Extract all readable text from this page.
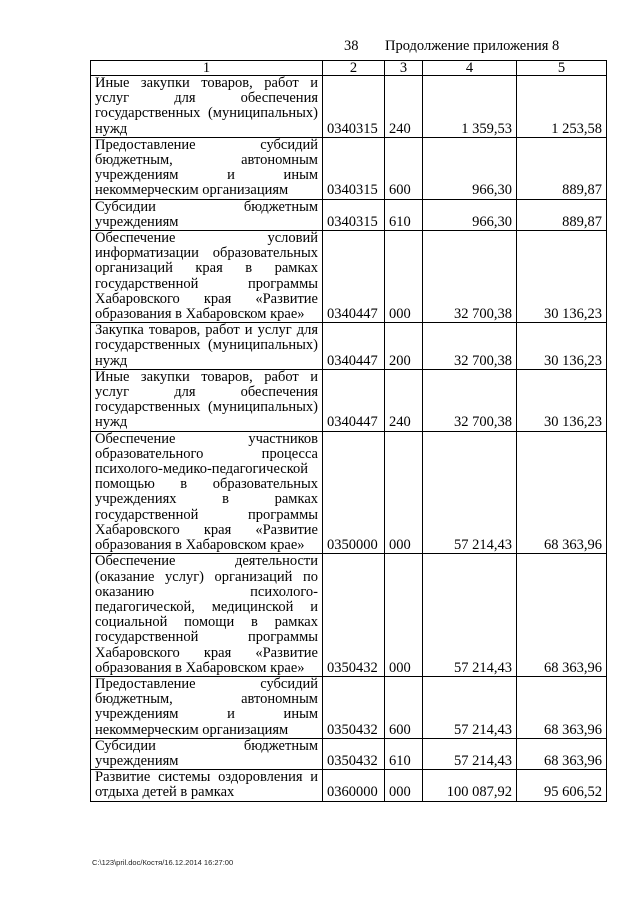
38 Продолжение приложения 8
1	2	3	4	5
Иные закупки товаров, работ и услуг для обеспечения государственных (муниципальных) нужд	0340315	240	1 359,53	1 253,58
Предоставление субсидий бюджетным, автономным учреждениям и иным некоммерческим организациям	0340315	600	966,30	889,87
Субсидии бюджетным учреждениям	0340315	610	966,30	889,87
Обеспечение условий информатизации образовательных организаций края в рамках государственной программы Хабаровского края «Развитие образования в Хабаровском крае»	0340447	000	32 700,38	30 136,23
Закупка товаров, работ и услуг для государственных (муниципальных) нужд	0340447	200	32 700,38	30 136,23
Иные закупки товаров, работ и услуг для обеспечения государственных (муниципальных) нужд	0340447	240	32 700,38	30 136,23
Обеспечение участников образовательного процесса психолого-медико-педагогической помощью в образовательных учреждениях в рамках государственной программы Хабаровского края «Развитие образования в Хабаровском крае»	0350000	000	57 214,43	68 363,96
Обеспечение деятельности (оказание услуг) организаций по оказанию психолого-педагогической, медицинской и социальной помощи в рамках государственной программы Хабаровского края «Развитие образования в Хабаровском крае»	0350432	000	57 214,43	68 363,96
Предоставление субсидий бюджетным, автономным учреждениям и иным некоммерческим организациям	0350432	600	57 214,43	68 363,96
Субсидии бюджетным учреждениям	0350432	610	57 214,43	68 363,96
Развитие системы оздоровления и отдыха детей в рамках	0360000	000	100 087,92	95 606,52
C:\123\pril.doc/Костя/16.12.2014 16:27:00
